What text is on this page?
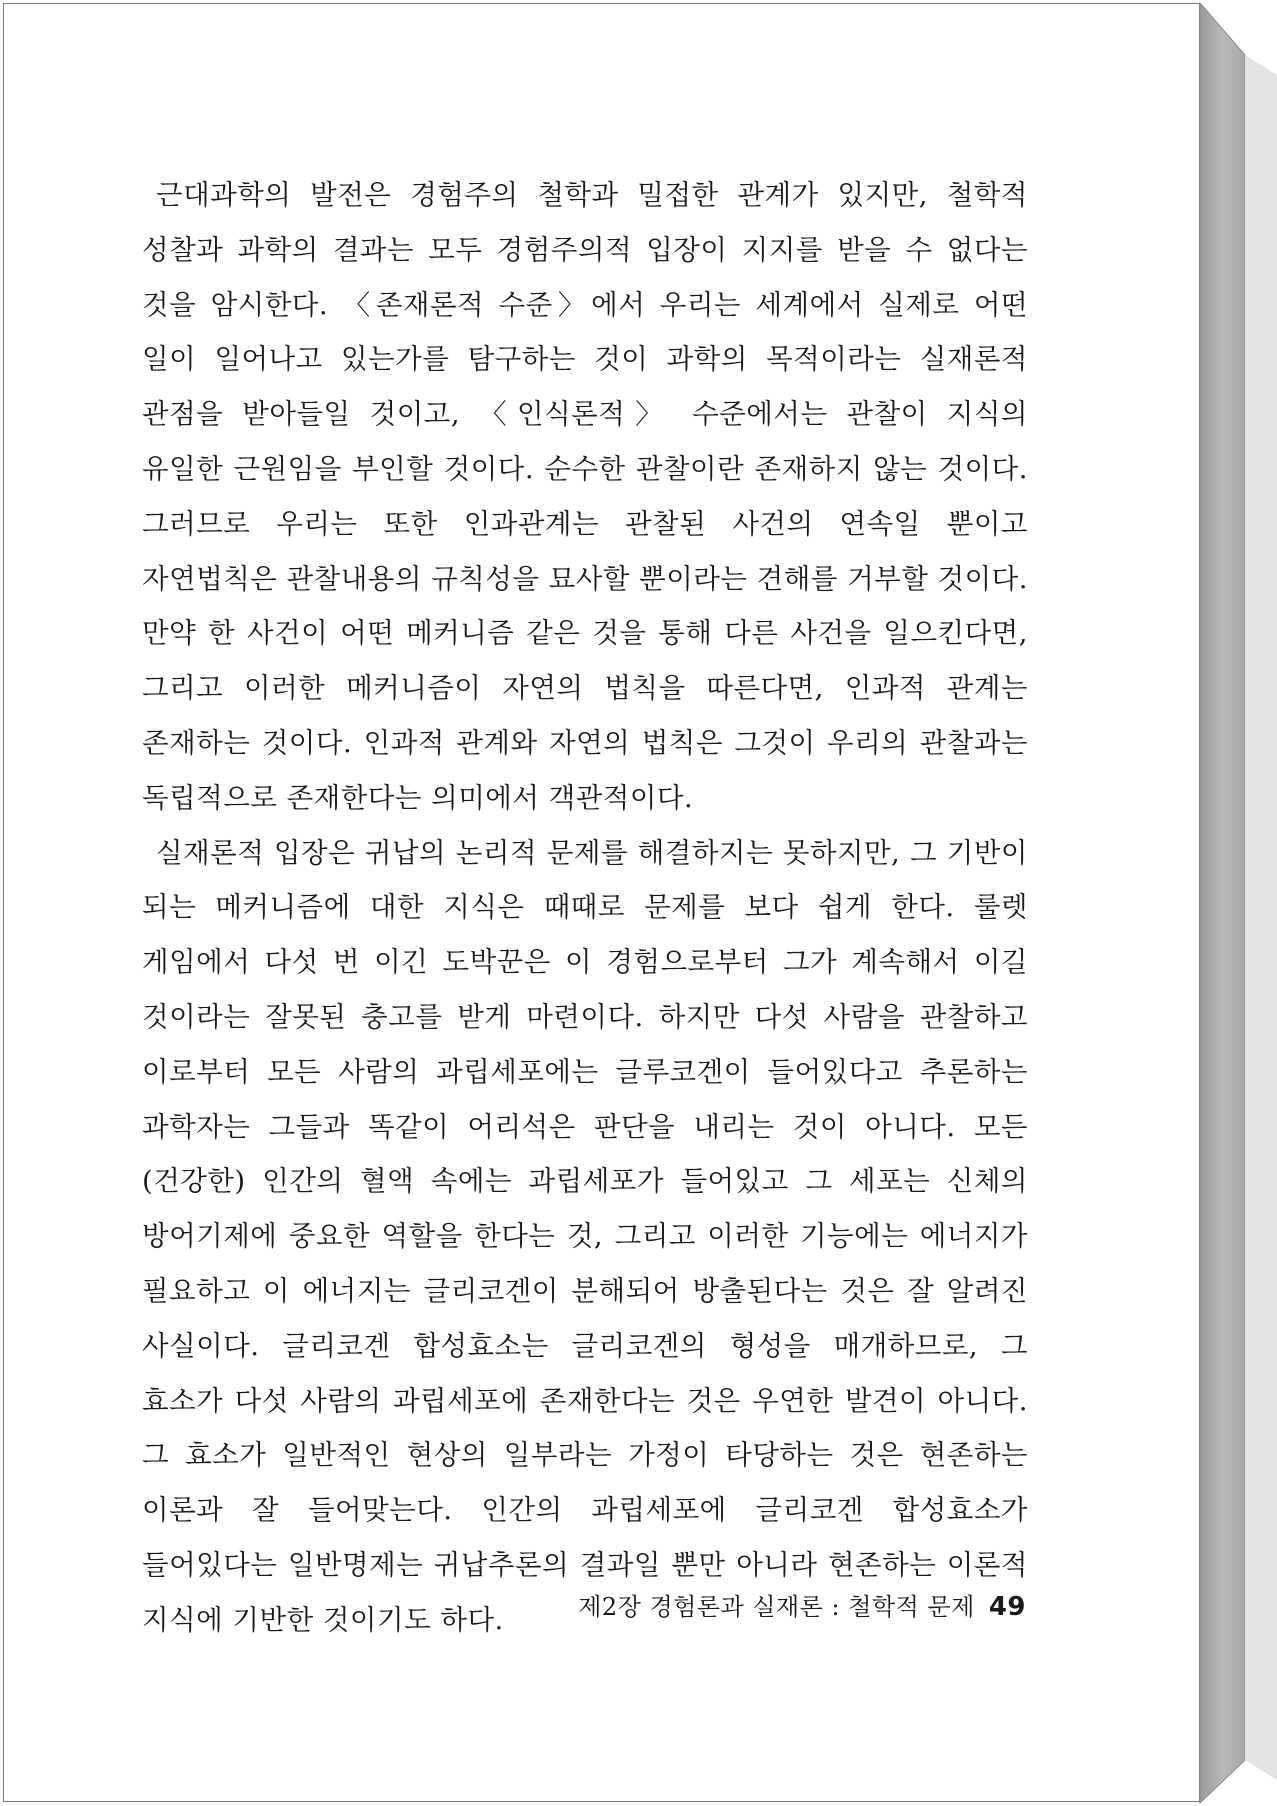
근대과학의 발전은 경험주의 철학과 밀접한 관계가 있지만, 철학적 성찰과 과학의 결과는 모두 경험주의적 입장이 지지를 받을 수 없다는 것을 암시한다. 〈존재론적 수준〉에서 우리는 세계에서 실제로 어떤 일이 일어나고 있는가를 탐구하는 것이 과학의 목적이라는 실재론적 관점을 받아들일 것이고, 〈인식론적〉 수준에서는 관찰이 지식의 유일한 근원임을 부인할 것이다. 순수한 관찰이란 존재하지 않는 것이다. 그러므로 우리는 또한 인과관계는 관찰된 사건의 연속일 뿐이고 자연법칙은 관찰내용의 규칙성을 묘사할 뿐이라는 견해를 거부할 것이다. 만약 한 사건이 어떤 메커니즘 같은 것을 통해 다른 사건을 일으킨다면, 그리고 이러한 메커니즘이 자연의 법칙을 따른다면, 인과적 관계는 존재하는 것이다. 인과적 관계와 자연의 법칙은 그것이 우리의 관찰과는 독립적으로 존재한다는 의미에서 객관적이다.

실재론적 입장은 귀납의 논리적 문제를 해결하지는 못하지만, 그 기반이 되는 메커니즘에 대한 지식은 때때로 문제를 보다 쉽게 한다. 룰렛 게임에서 다섯 번 이긴 도박꾼은 이 경험으로부터 그가 계속해서 이길 것이라는 잘못된 충고를 받게 마련이다. 하지만 다섯 사람을 관찰하고 이로부터 모든 사람의 과립세포에는 글루코겐이 들어있다고 추론하는 과학자는 그들과 똑같이 어리석은 판단을 내리는 것이 아니다. 모든 (건강한) 인간의 혈액 속에는 과립세포가 들어있고 그 세포는 신체의 방어기제에 중요한 역할을 한다는 것, 그리고 이러한 기능에는 에너지가 필요하고 이 에너지는 글리코겐이 분해되어 방출된다는 것은 잘 알려진 사실이다. 글리코겐 합성효소는 글리코겐의 형성을 매개하므로, 그 효소가 다섯 사람의 과립세포에 존재한다는 것은 우연한 발견이 아니다. 그 효소가 일반적인 현상의 일부라는 가정이 타당하는 것은 현존하는 이론과 잘 들어맞는다. 인간의 과립세포에 글리코겐 합성효소가 들어있다는 일반명제는 귀납추론의 결과일 뿐만 아니라 현존하는 이론적 지식에 기반한 것이기도 하다.	제2장 경험론과 실재론 : 철학적 문제 49
